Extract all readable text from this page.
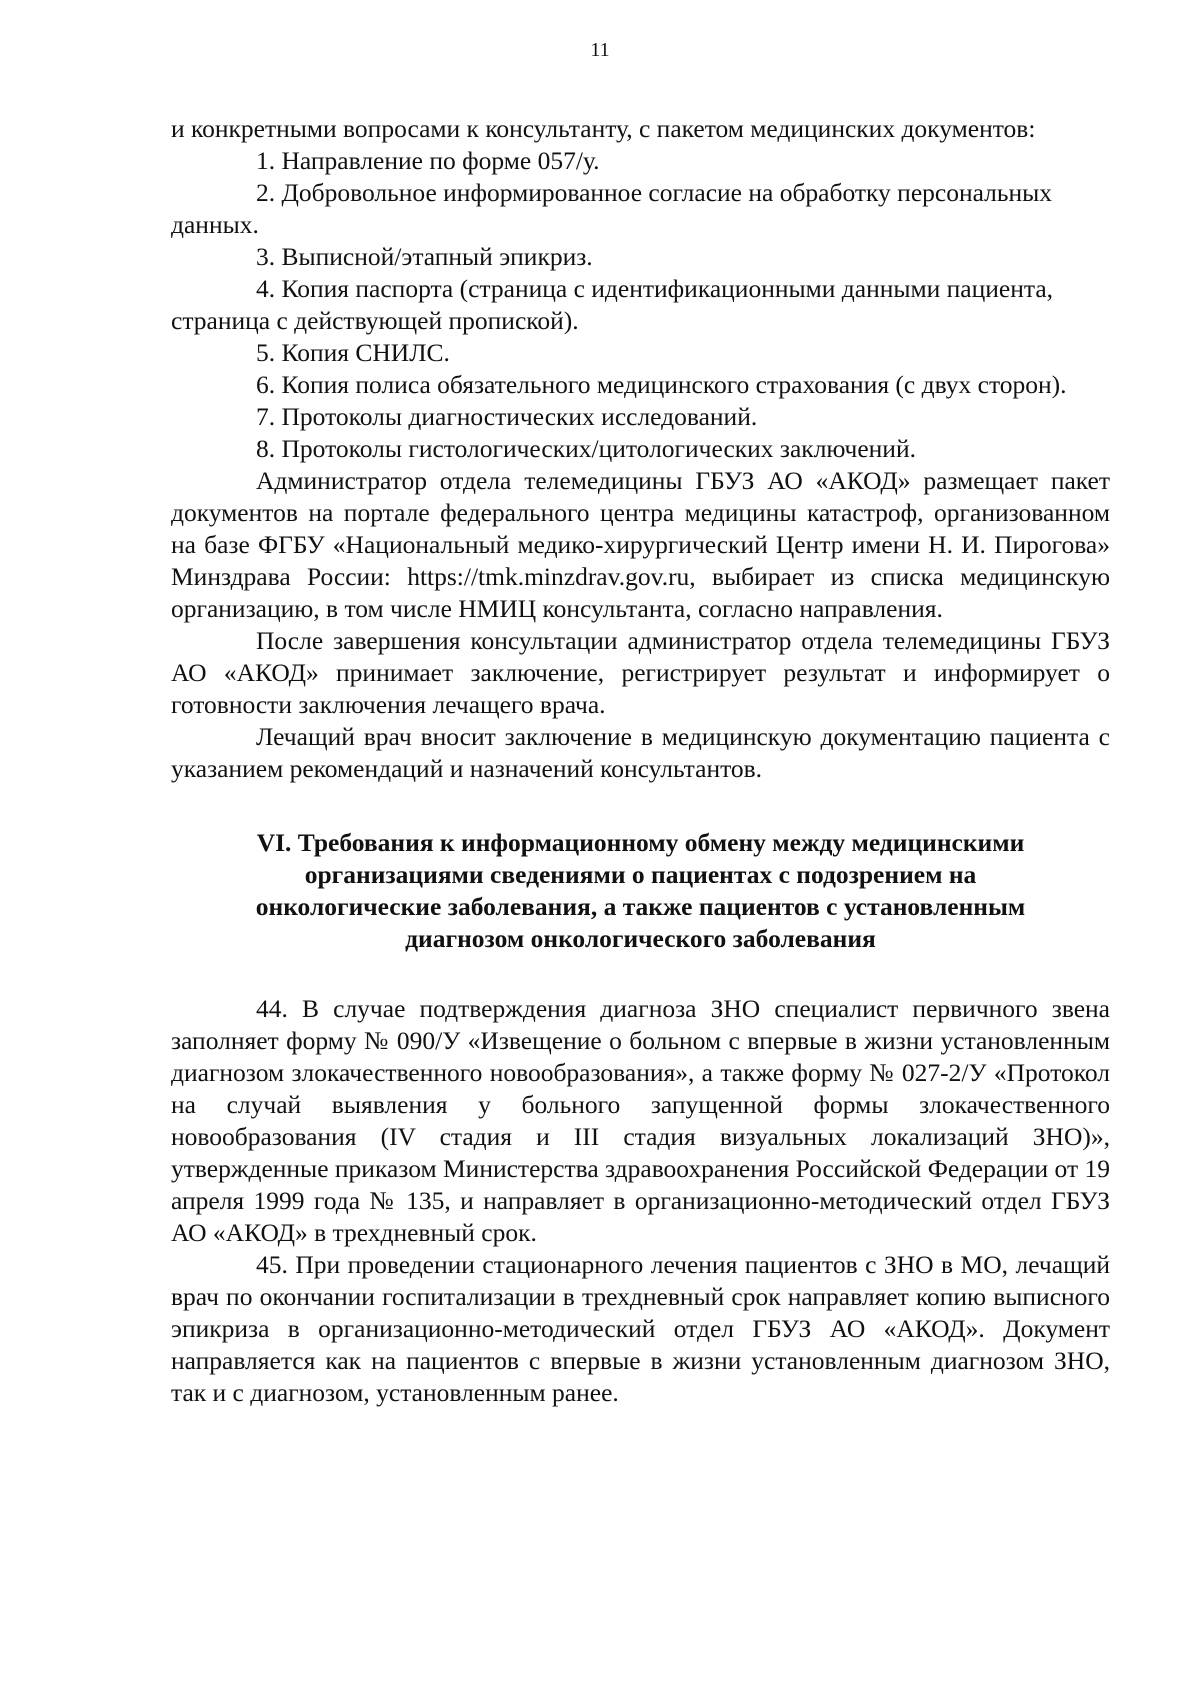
11

и конкретными вопросами к консультанту, с пакетом медицинских документов:

1. Направление по форме 057/у.

2. Добровольное информированное согласие на обработку персональных данных.

3. Выписной/этапный эпикриз.

4. Копия паспорта (страница с идентификационными данными пациента, страница с действующей пропиской).

5. Копия СНИЛС.

6. Копия полиса обязательного медицинского страхования (с двух сторон).

7. Протоколы диагностических исследований.

8. Протоколы гистологических/цитологических заключений.

Администратор отдела телемедицины ГБУЗ АО «АКОД» размещает пакет документов на портале федерального центра медицины катастроф, организованном на базе ФГБУ «Национальный медико-хирургический Центр имени Н. И. Пирогова» Минздрава России: https://tmk.minzdrav.gov.ru, выбирает из списка медицинскую организацию, в том числе НМИЦ консультанта, согласно направления.

После завершения консультации администратор отдела телемедицины ГБУЗ АО «АКОД» принимает заключение, регистрирует результат и информирует о готовности заключения лечащего врача.

Лечащий врач вносит заключение в медицинскую документацию пациента с указанием рекомендаций и назначений консультантов.

VI. Требования к информационному обмену между медицинскими
организациями сведениями о пациентах с подозрением на
онкологические заболевания, а также пациентов с установленным
диагнозом онкологического заболевания

44. В случае подтверждения диагноза ЗНО специалист первичного звена заполняет форму № 090/У «Извещение о больном с впервые в жизни установленным диагнозом злокачественного новообразования», а также форму № 027-2/У «Протокол на случай выявления у больного запущенной формы злокачественного новообразования (IV стадия и III стадия визуальных локализаций ЗНО)», утвержденные приказом Министерства здравоохранения Российской Федерации от 19 апреля 1999 года № 135, и направляет в организационно-методический отдел ГБУЗ АО «АКОД» в трехдневный срок.

45. При проведении стационарного лечения пациентов с ЗНО в МО, лечащий врач по окончании госпитализации в трехдневный срок направляет копию выписного эпикриза в организационно-методический отдел ГБУЗ АО «АКОД». Документ направляется как на пациентов с впервые в жизни установленным диагнозом ЗНО, так и с диагнозом, установленным ранее.
